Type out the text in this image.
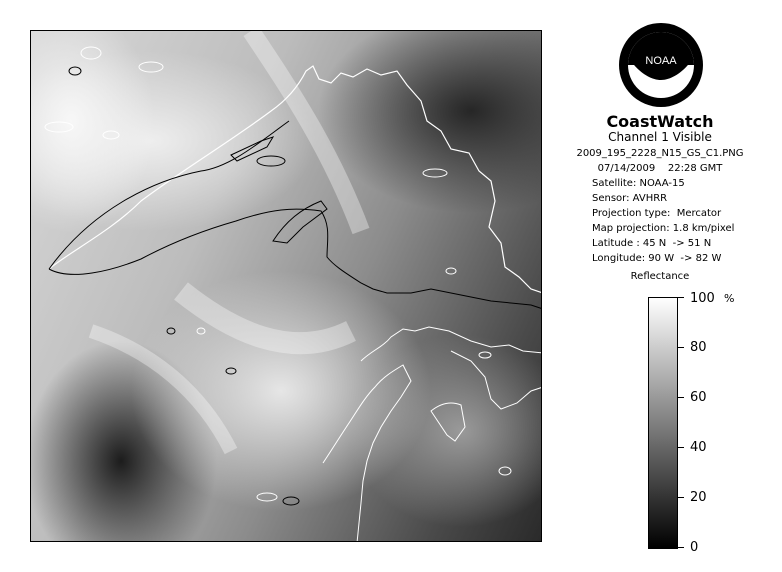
NOAA
CoastWatch
Channel 1 Visible
2009_195_2228_N15_GS_C1.PNG
07/14/2009    22:28 GMT
Satellite: NOAA-15
Sensor: AVHRR
Projection type:  Mercator
Map projection: 1.8 km/pixel
Latitude : 45 N  -> 51 N
Longitude: 90 W  -> 82 W
Reflectance
%
100
80
60
40
20
0
